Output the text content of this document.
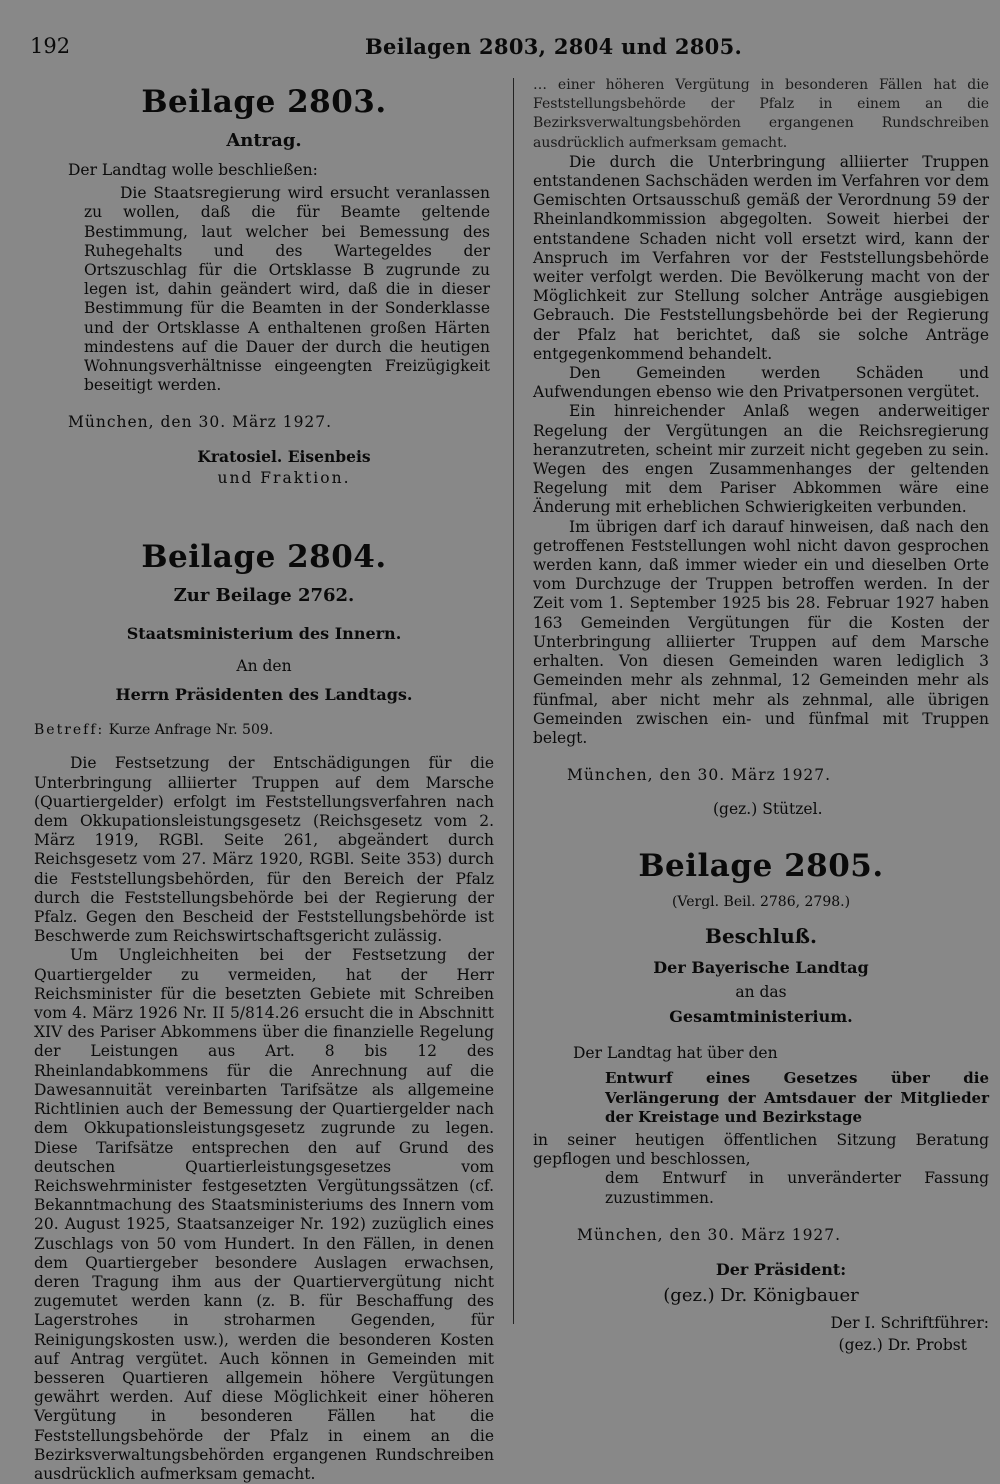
192	Beilagen 2803, 2804 und 2805.
Beilage 2803.
Antrag.

Der Landtag wolle beschließen:

Die Staatsregierung wird ersucht veranlassen zu wollen, daß die für Beamte geltende Bestimmung, laut welcher bei Bemessung des Ruhegehalts und des Wartegeldes der Ortszuschlag für die Ortsklasse B zugrunde zu legen ist, dahin geändert wird, daß die in dieser Bestimmung für die Beamten in der Sonderklasse und der Ortsklasse A enthaltenen großen Härten mindestens auf die Dauer der durch die heutigen Wohnungsverhältnisse eingeengten Freizügigkeit beseitigt werden.

München, den 30. März 1927.
Kratosiel. Eisenbeis
und Fraktion.
Beilage 2804.
Zur Beilage 2762.
Staatsministerium des Innern.
An den
Herrn Präsidenten des Landtags.
Betreff: Kurze Anfrage Nr. 509.

Die Festsetzung der Entschädigungen für die Unterbringung alliierter Truppen auf dem Marsche (Quartiergelder) erfolgt im Feststellungsverfahren nach dem Okkupationsleistungsgesetz (Reichsgesetz vom 2. März 1919, RGBl. Seite 261, abgeändert durch Reichsgesetz vom 27. März 1920, RGBl. Seite 353) durch die Feststellungsbehörden, für den Bereich der Pfalz durch die Feststellungsbehörde bei der Regierung der Pfalz. Gegen den Bescheid der Feststellungsbehörde ist Beschwerde zum Reichswirtschaftsgericht zulässig.

Um Ungleichheiten bei der Festsetzung der Quartiergelder zu vermeiden, hat der Herr Reichsminister für die besetzten Gebiete mit Schreiben vom 4. März 1926 Nr. II 5/814.26 ersucht die in Abschnitt XIV des Pariser Abkommens über die finanzielle Regelung der Leistungen aus Art. 8 bis 12 des Rheinlandabkommens für die Anrechnung auf die Dawesannuität vereinbarten Tarifsätze als allgemeine Richtlinien auch der Bemessung der Quartiergelder nach dem Okkupationsleistungsgesetz zugrunde zu legen. Diese Tarifsätze entsprechen den auf Grund des deutschen Quartierleistungsgesetzes vom Reichswehrminister festgesetzten Vergütungssätzen (cf. Bekanntmachung des Staatsministeriums des Innern vom 20. August 1925, Staatsanzeiger Nr. 192) zuzüglich eines Zuschlags von 50 vom Hundert. In den Fällen, in denen dem Quartiergeber besondere Auslagen erwachsen, deren Tragung ihm aus der Quartiervergütung nicht zugemutet werden kann (z. B. für Beschaffung des Lagerstrohes in stroharmen Gegenden, für Reinigungskosten usw.), werden die besonderen Kosten auf Antrag vergütet. Auch können in Gemeinden mit besseren Quartieren allgemein höhere Vergütungen gewährt werden. Auf diese Möglichkeit einer höheren Vergütung in besonderen Fällen hat die Feststellungsbehörde der Pfalz in einem an die Bezirksverwaltungsbehörden ergangenen Rundschreiben ausdrücklich aufmerksam gemacht.

… einer höheren Vergütung in besonderen Fällen hat die Feststellungsbehörde der Pfalz in einem an die Bezirksverwaltungsbehörden ergangenen Rundschreiben ausdrücklich aufmerksam gemacht.

Die durch die Unterbringung alliierter Truppen entstandenen Sachschäden werden im Verfahren vor dem Gemischten Ortsausschuß gemäß der Verordnung 59 der Rheinlandkommission abgegolten. Soweit hierbei der entstandene Schaden nicht voll ersetzt wird, kann der Anspruch im Verfahren vor der Feststellungsbehörde weiter verfolgt werden. Die Bevölkerung macht von der Möglichkeit zur Stellung solcher Anträge ausgiebigen Gebrauch. Die Feststellungsbehörde bei der Regierung der Pfalz hat berichtet, daß sie solche Anträge entgegenkommend behandelt.

Den Gemeinden werden Schäden und Aufwendungen ebenso wie den Privatpersonen vergütet.

Ein hinreichender Anlaß wegen anderweitiger Regelung der Vergütungen an die Reichsregierung heranzutreten, scheint mir zurzeit nicht gegeben zu sein. Wegen des engen Zusammenhanges der geltenden Regelung mit dem Pariser Abkommen wäre eine Änderung mit erheblichen Schwierigkeiten verbunden.

Im übrigen darf ich darauf hinweisen, daß nach den getroffenen Feststellungen wohl nicht davon gesprochen werden kann, daß immer wieder ein und dieselben Orte vom Durchzuge der Truppen betroffen werden. In der Zeit vom 1. September 1925 bis 28. Februar 1927 haben 163 Gemeinden Vergütungen für die Kosten der Unterbringung alliierter Truppen auf dem Marsche erhalten. Von diesen Gemeinden waren lediglich 3 Gemeinden mehr als zehnmal, 12 Gemeinden mehr als fünfmal, aber nicht mehr als zehnmal, alle übrigen Gemeinden zwischen ein- und fünfmal mit Truppen belegt.

München, den 30. März 1927.
(gez.) Stützel.
Beilage 2805.
(Vergl. Beil. 2786, 2798.)
Beschluß.
Der Bayerische Landtag
an das
Gesamtministerium.

Der Landtag hat über den

Entwurf eines Gesetzes über die Verlängerung der Amtsdauer der Mitglieder der Kreistage und Bezirkstage

in seiner heutigen öffentlichen Sitzung Beratung gepflogen und beschlossen,

dem Entwurf in unveränderter Fassung zuzustimmen.

München, den 30. März 1927.
Der Präsident:
(gez.) Dr. Königbauer
Der I. Schriftführer:
(gez.) Dr. Probst
